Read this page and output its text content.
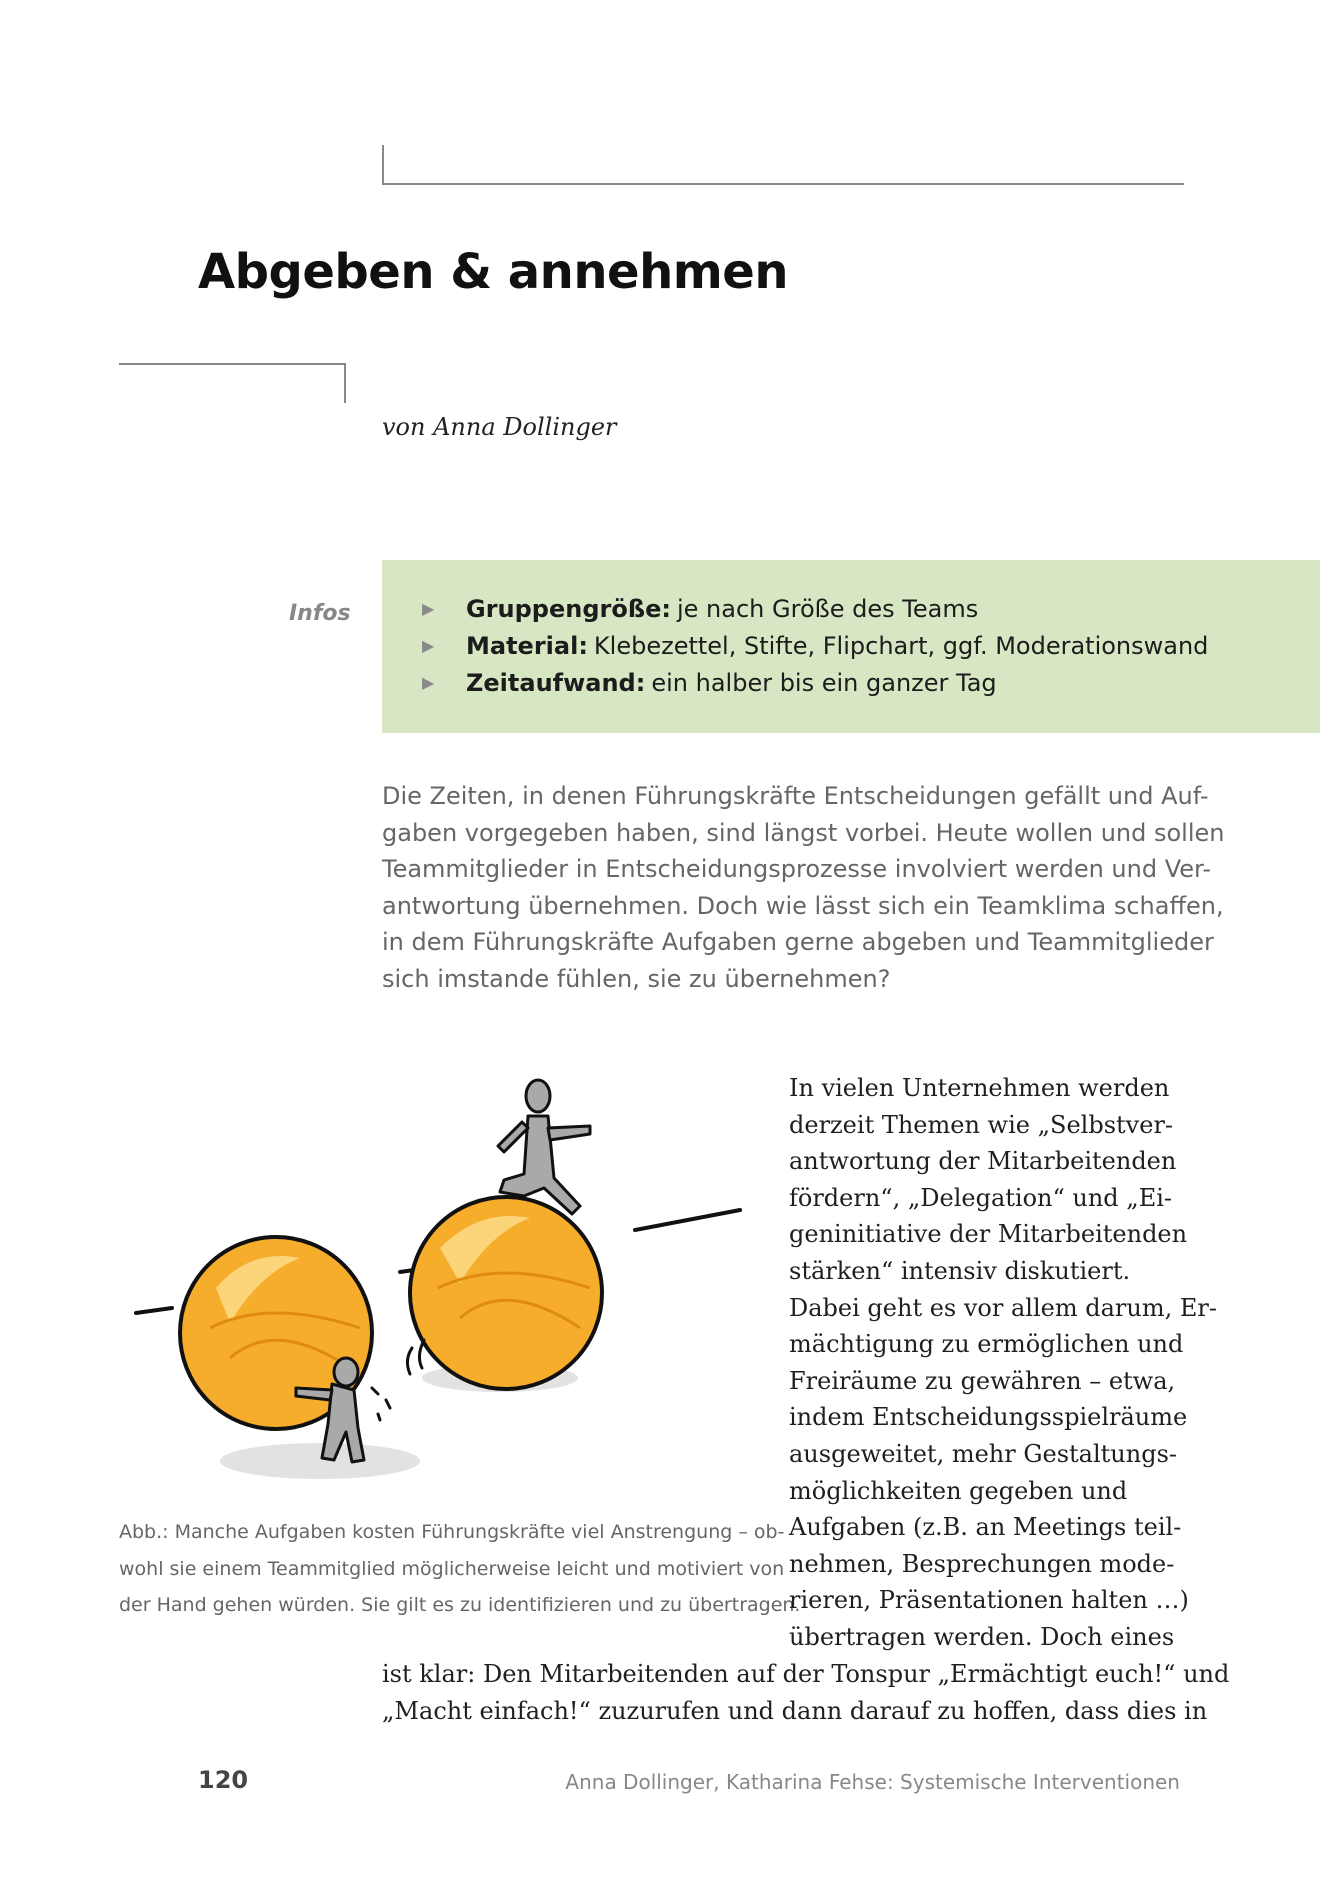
Abgeben & annehmen
von Anna Dollinger
Infos	▶	Gruppengröße: je nach Größe des Teams
▶	Material: Klebezettel, Stifte, Flipchart, ggf. Moderationswand
▶	Zeitaufwand: ein halber bis ein ganzer Tag
Die Zeiten, in denen Führungskräfte Entscheidungen gefällt und Auf-
gaben vorgegeben haben, sind längst vorbei. Heute wollen und sollen
Teammitglieder in Entscheidungsprozesse involviert werden und Ver-
antwortung übernehmen. Doch wie lässt sich ein Teamklima schaffen,
in dem Führungskräfte Aufgaben gerne abgeben und Teammitglieder
sich imstande fühlen, sie zu übernehmen?
Abb.: Manche Aufgaben kosten Führungskräfte viel Anstrengung – ob-
wohl sie einem Teammitglied möglicherweise leicht und motiviert von
der Hand gehen würden. Sie gilt es zu identifizieren und zu übertragen.
In vielen Unternehmen werden
derzeit Themen wie „Selbstver-
antwortung der Mitarbeitenden
fördern“, „Delegation“ und „Ei-
geninitiative der Mitarbeitenden
stärken“ intensiv diskutiert.
Dabei geht es vor allem darum, Er-
mächtigung zu ermöglichen und
Freiräume zu gewähren – etwa,
indem Entscheidungsspielräume
ausgeweitet, mehr Gestaltungs-
möglichkeiten gegeben und
Aufgaben (z.B. an Meetings teil-
nehmen, Besprechungen mode-
rieren, Präsentationen halten …)
übertragen werden. Doch eines
ist klar: Den Mitarbeitenden auf der Tonspur „Ermächtigt euch!“ und
„Macht einfach!“ zuzurufen und dann darauf zu hoffen, dass dies in
120	Anna Dollinger, Katharina Fehse: Systemische Interventionen
